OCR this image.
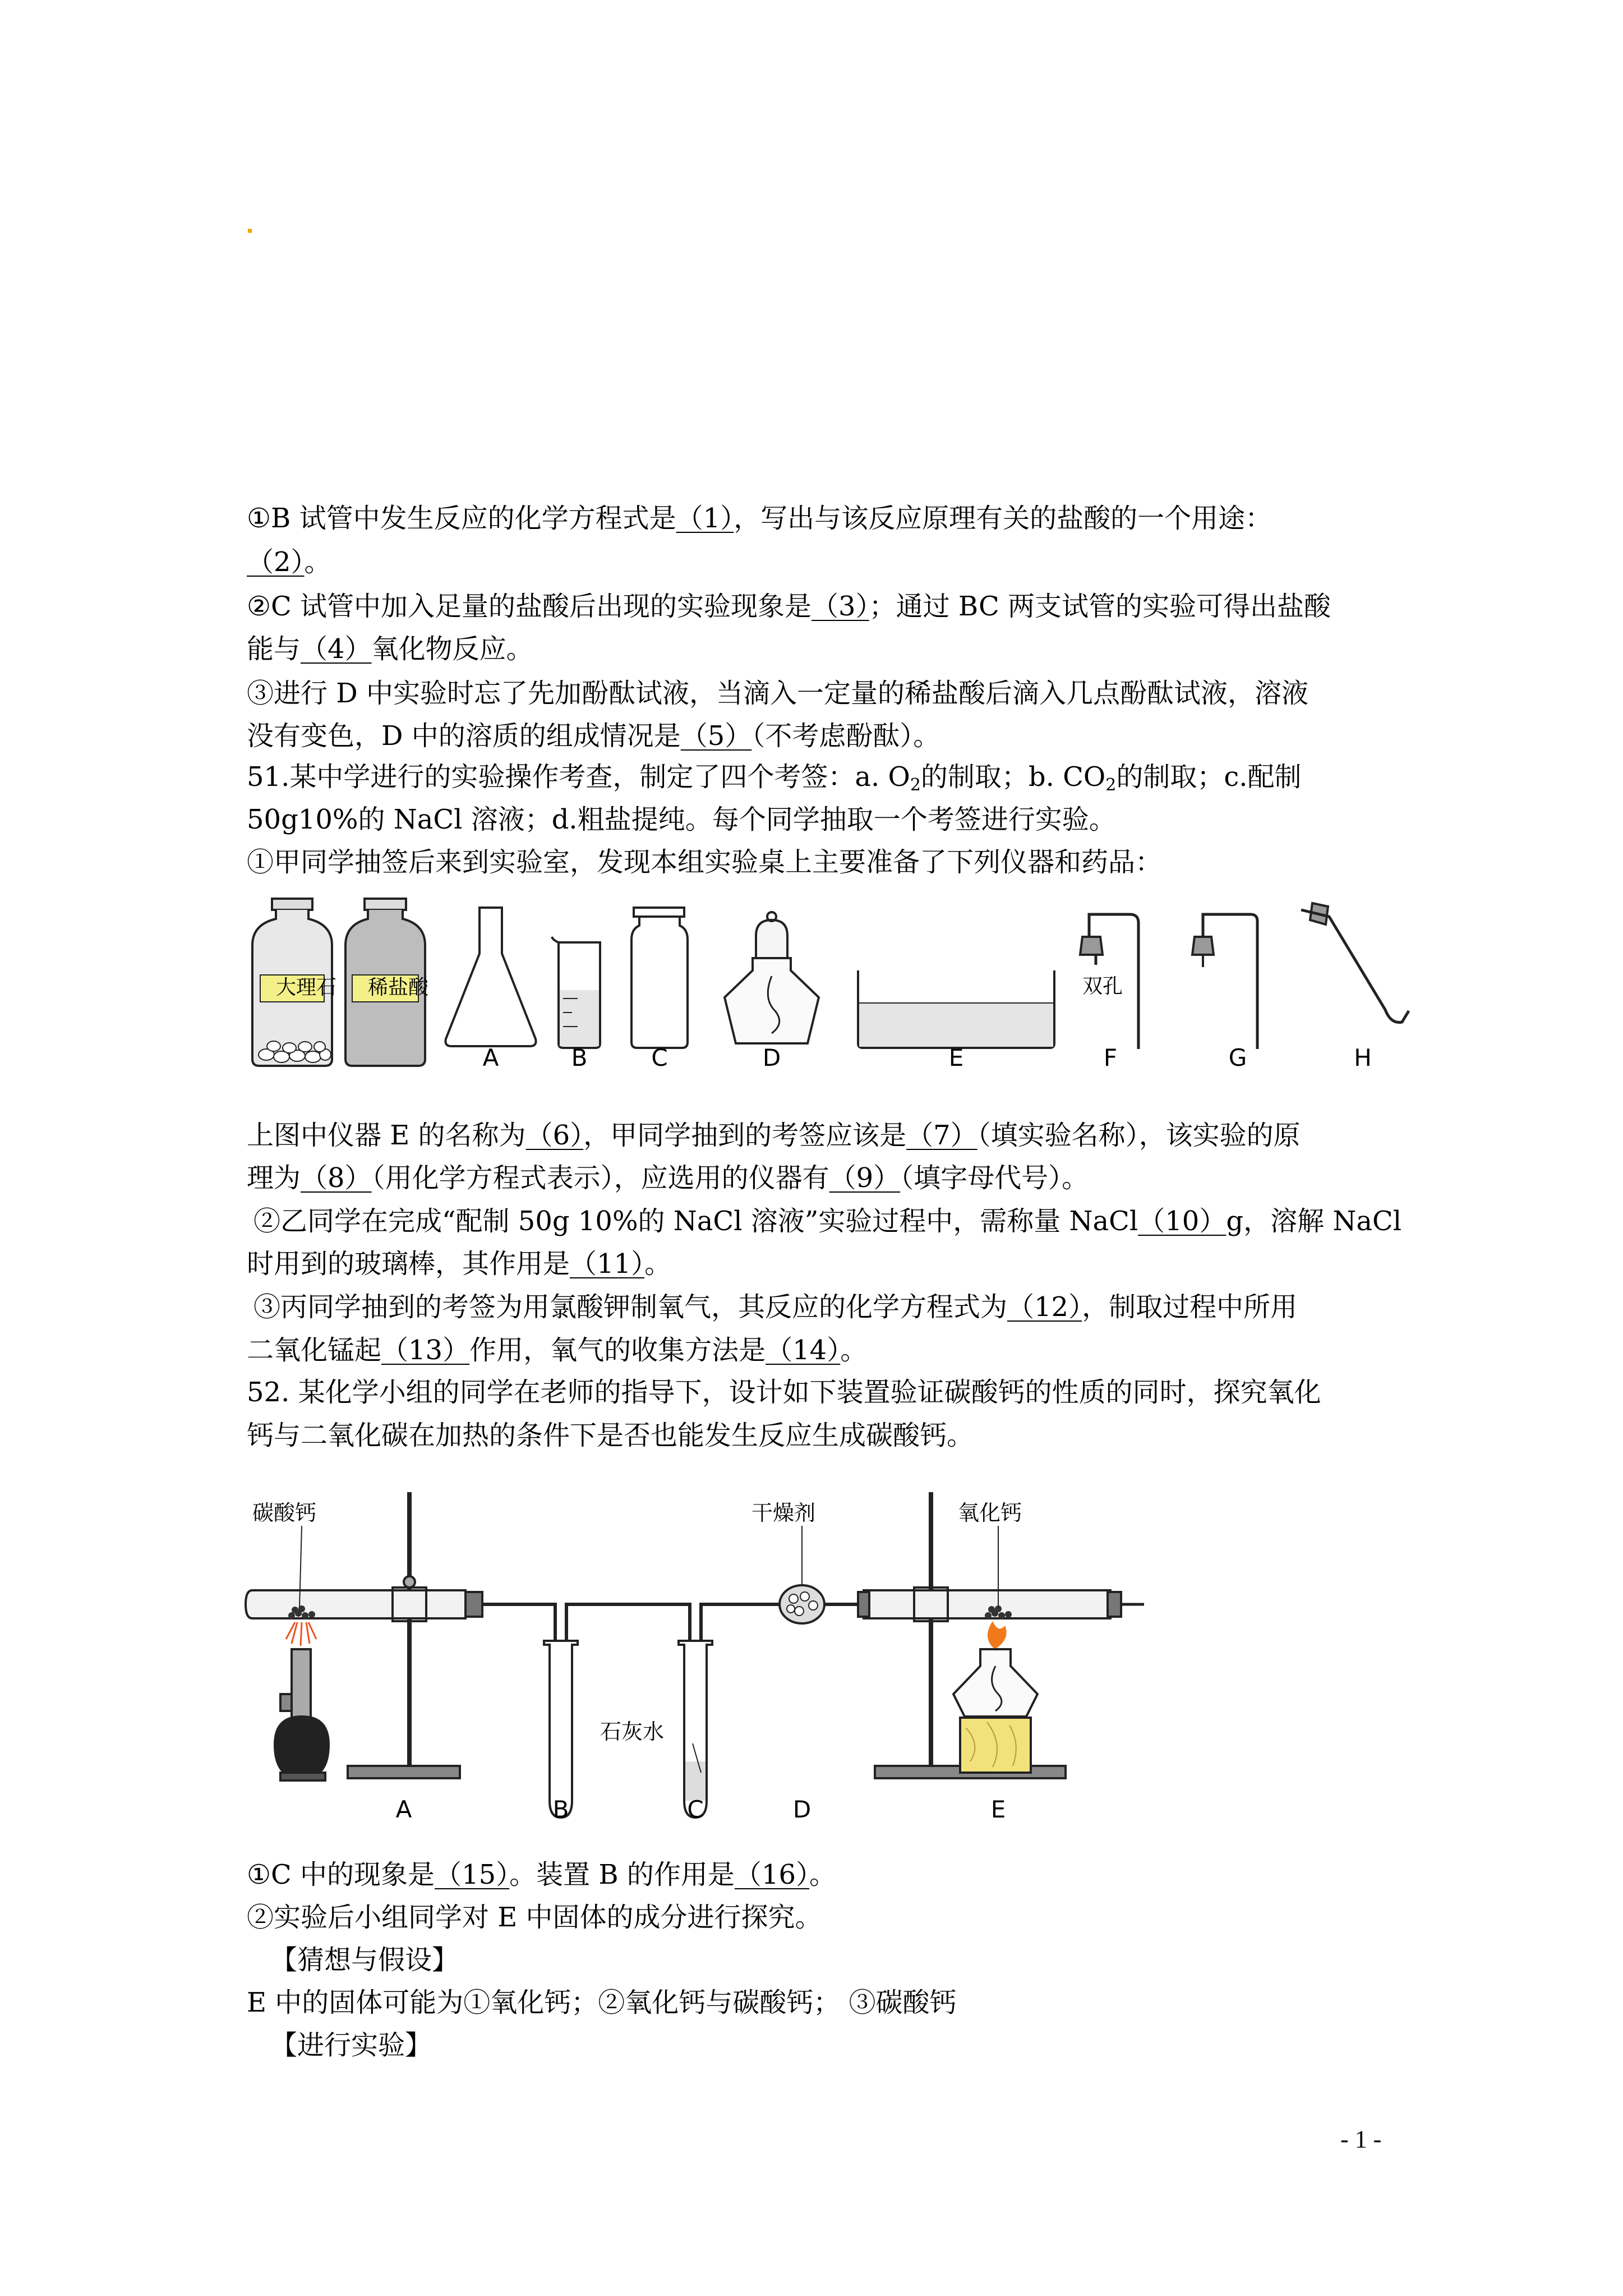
①B 试管中发生反应的化学方程式是（1），写出与该反应原理有关的盐酸的一个用途：
（2）。
②C 试管中加入足量的盐酸后出现的实验现象是（3）；通过 BC 两支试管的实验可得出盐酸
能与（4）氧化物反应。
③进行 D 中实验时忘了先加酚酞试液，当滴入一定量的稀盐酸后滴入几点酚酞试液，溶液
没有变色，D 中的溶质的组成情况是（5）（不考虑酚酞）。
51.某中学进行的实验操作考查，制定了四个考签：a. $O_2$的制取；b. $CO_2$的制取；c.配制
50g10%的 NaCl 溶液；d.粗盐提纯。每个同学抽取一个考签进行实验。
①甲同学抽签后来到实验室，发现本组实验桌上主要准备了下列仪器和药品：
大理石 稀盐酸	双孔
A	B	C	D	E	F	G	H
上图中仪器 E 的名称为（6），甲同学抽到的考签应该是（7）（填实验名称），该实验的原
理为（8）（用化学方程式表示），应选用的仪器有（9）（填字母代号）。
②乙同学在完成“配制 50g 10%的 NaCl 溶液”实验过程中，需称量 NaCl（10）g，溶解 NaCl
时用到的玻璃棒，其作用是（11）。
③丙同学抽到的考签为用氯酸钾制氧气，其反应的化学方程式为（12），制取过程中所用
二氧化锰起（13）作用，氧气的收集方法是（14）。
52. 某化学小组的同学在老师的指导下，设计如下装置验证碳酸钙的性质的同时，探究氧化
钙与二氧化碳在加热的条件下是否也能发生反应生成碳酸钙。
碳酸钙	干燥剂	氧化钙
石灰水
A	B	C	D	E
①C 中的现象是（15）。装置 B 的作用是（16）。
②实验后小组同学对 E 中固体的成分进行探究。
【猜想与假设】
E 中的固体可能为①氧化钙；②氧化钙与碳酸钙； ③碳酸钙
【进行实验】
- 1 -
